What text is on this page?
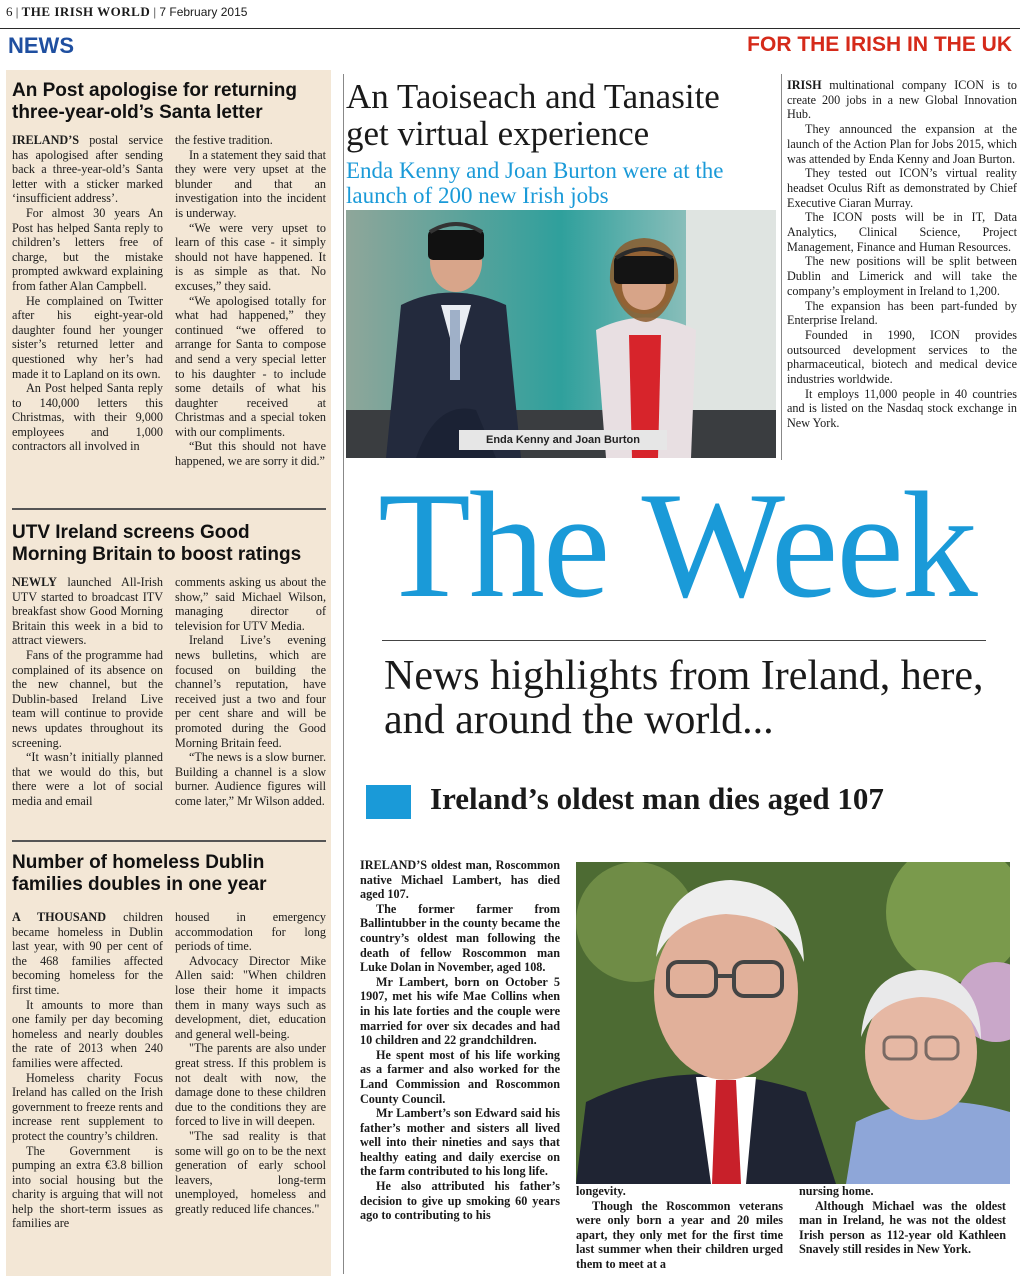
6 | THE IRISH WORLD | 7 February 2015
NEWS	FOR THE IRISH IN THE UK
An Post apologise for returning three-year-old’s Santa letter

IRELAND’S postal service has apologised after sending back a three-year-old’s Santa letter with a sticker marked ‘insufficient address’.

For almost 30 years An Post has helped Santa reply to children’s letters free of charge, but the mistake prompted awkward explaining from father Alan Campbell.

He complained on Twitter after his eight-year-old daughter found her younger sister’s returned letter and questioned why her’s had made it to Lapland on its own.

An Post helped Santa reply to 140,000 letters this Christmas, with their 9,000 employees and 1,000 contractors all involved in

the festive tradition.

In a statement they said that they were very upset at the blunder and that an investigation into the incident is underway.

“We were very upset to learn of this case - it simply should not have happened. It is as simple as that. No excuses,” they said.

“We apologised totally for what had happened,” they continued “we offered to arrange for Santa to compose and send a very special letter to his daughter - to include some details of what his daughter received at Christmas and a special token with our compliments.

“But this should not have happened, we are sorry it did.”

UTV Ireland screens Good Morning Britain to boost ratings

NEWLY launched All-Irish UTV started to broadcast ITV breakfast show Good Morning Britain this week in a bid to attract viewers.

Fans of the programme had complained of its absence on the new channel, but the Dublin-based Ireland Live team will continue to provide news updates throughout its screening.

“It wasn’t initially planned that we would do this, but there were a lot of social media and email

comments asking us about the show,” said Michael Wilson, managing director of television for UTV Media.

Ireland Live’s evening news bulletins, which are focused on building the channel’s reputation, have received just a two and four per cent share and will be promoted during the Good Morning Britain feed.

“The news is a slow burner. Building a channel is a slow burner. Audience figures will come later,” Mr Wilson added.

Number of homeless Dublin families doubles in one year

A THOUSAND children became homeless in Dublin last year, with 90 per cent of the 468 families affected becoming homeless for the first time.

It amounts to more than one family per day becoming homeless and nearly doubles the rate of 2013 when 240 families were affected.

Homeless charity Focus Ireland has called on the Irish government to freeze rents and increase rent supplement to protect the country’s children.

The Government is pumping an extra €3.8 billion into social housing but the charity is arguing that will not help the short-term issues as families are

housed in emergency accommodation for long periods of time.

Advocacy Director Mike Allen said: "When children lose their home it impacts them in many ways such as development, diet, education and general well-being.

"The parents are also under great stress. If this problem is not dealt with now, the damage done to these children due to the conditions they are forced to live in will deepen.

"The sad reality is that some will go on to be the next generation of early school leavers, long-term unemployed, homeless and greatly reduced life chances."

An Taoiseach and Tanasite get virtual experience
Enda Kenny and Joan Burton were at the launch of 200 new Irish jobs
Enda Kenny and Joan Burton

IRISH multinational company ICON is to create 200 jobs in a new Global Innovation Hub.

They announced the expansion at the launch of the Action Plan for Jobs 2015, which was attended by Enda Kenny and Joan Burton.

They tested out ICON’s virtual reality headset Oculus Rift as demonstrated by Chief Executive Ciaran Murray.

The ICON posts will be in IT, Data Analytics, Clinical Science, Project Management, Finance and Human Resources.

The new positions will be split between Dublin and Limerick and will take the company’s employment in Ireland to 1,200.

The expansion has been part-funded by Enterprise Ireland.

Founded in 1990, ICON provides outsourced development services to the pharmaceutical, biotech and medical device industries worldwide.

It employs 11,000 people in 40 countries and is listed on the Nasdaq stock exchange in New York.

The Week
News highlights from Ireland, here, and around the world...
Ireland’s oldest man dies aged 107

IRELAND’S oldest man, Roscommon native Michael Lambert, has died aged 107.

The former farmer from Ballintubber in the county became the country’s oldest man following the death of fellow Roscommon man Luke Dolan in November, aged 108.

Mr Lambert, born on October 5 1907, met his wife Mae Collins when in his late forties and the couple were married for over six decades and had 10 children and 22 grandchildren.

He spent most of his life working as a farmer and also worked for the Land Commission and Roscommon County Council.

Mr Lambert’s son Edward said his father’s mother and sisters all lived well into their nineties and says that healthy eating and daily exercise on the farm contributed to his long life.

He also attributed his father’s decision to give up smoking 60 years ago to contributing to his

longevity.

Though the Roscommon veterans were only born a year and 20 miles apart, they only met for the first time last summer when their children urged them to meet at a

nursing home.

Although Michael was the oldest man in Ireland, he was not the oldest Irish person as 112-year old Kathleen Snavely still resides in New York.
